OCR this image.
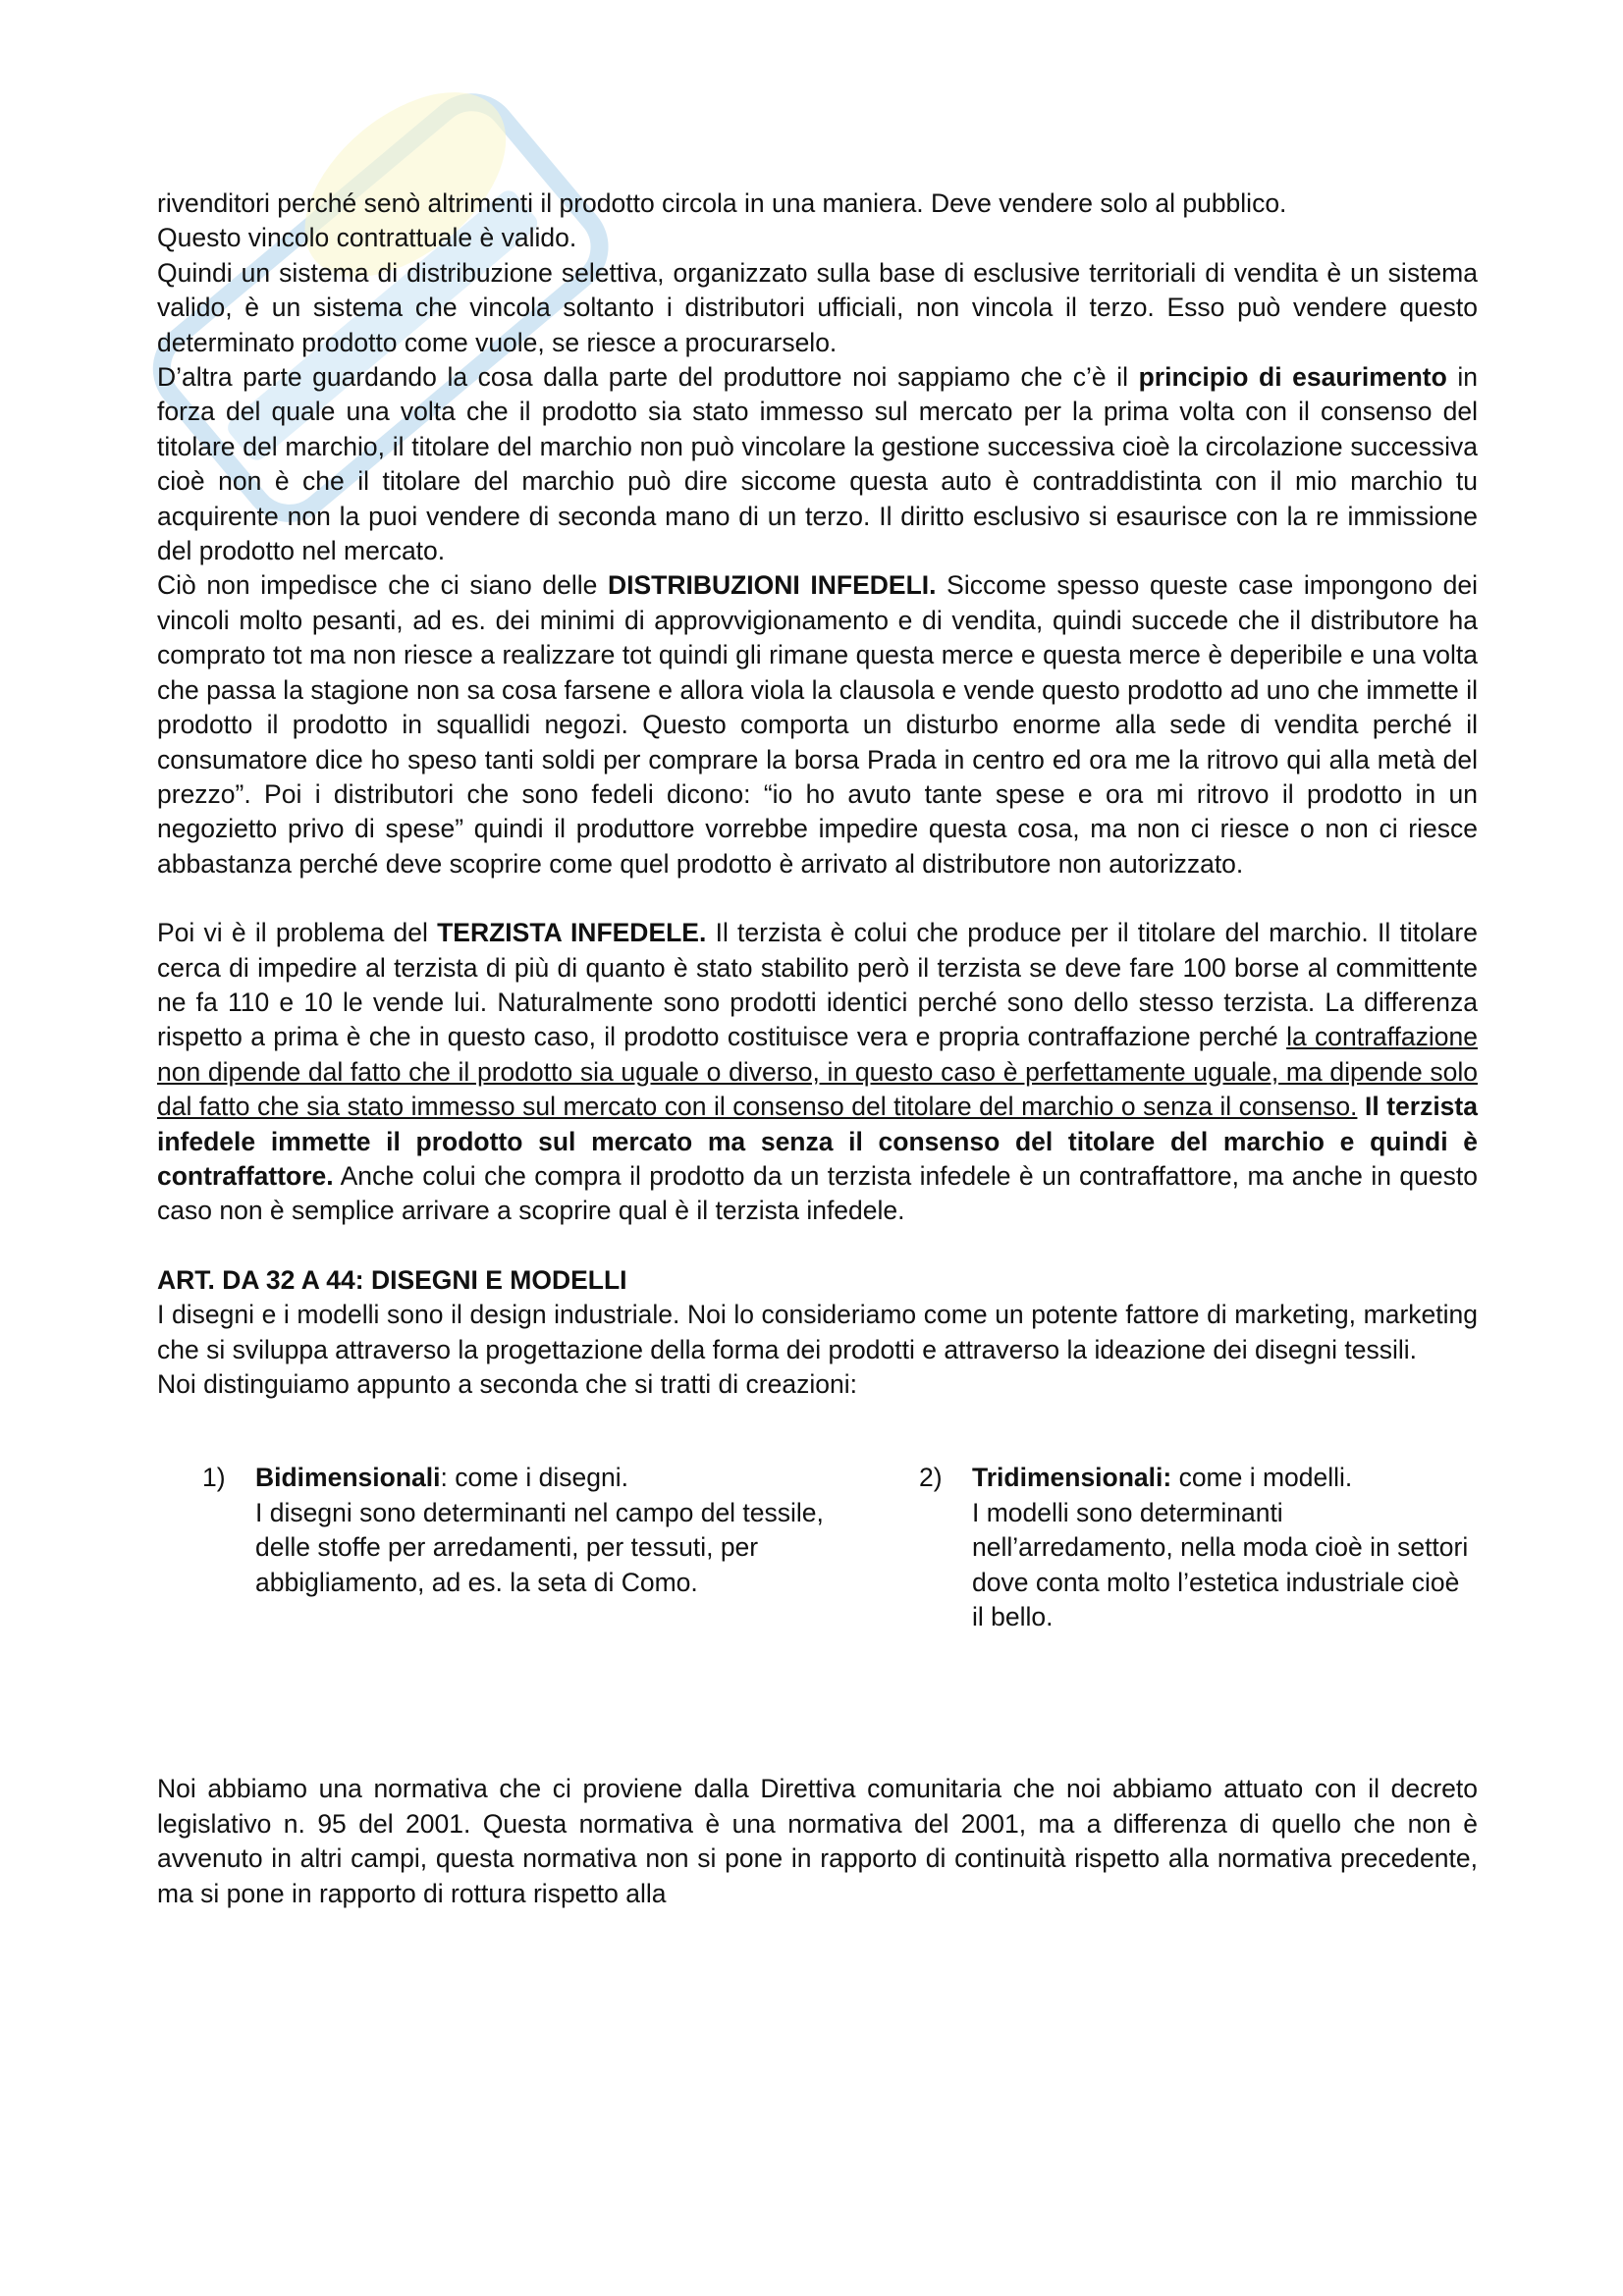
rivenditori perché senò altrimenti il prodotto circola in una maniera. Deve vendere solo al pubblico.

Questo vincolo contrattuale è valido.

Quindi un sistema di distribuzione selettiva, organizzato sulla base di esclusive territoriali di vendita è un sistema valido, è un sistema che vincola soltanto i distributori ufficiali, non vincola il terzo. Esso può vendere questo determinato prodotto come vuole, se riesce a procurarselo.

D’altra parte guardando la cosa dalla parte del produttore noi sappiamo che c’è il principio di esaurimento in forza del quale una volta che il prodotto sia stato immesso sul mercato per la prima volta con il consenso del titolare del marchio, il titolare del marchio non può vincolare la gestione successiva cioè la circolazione successiva cioè non è che il titolare del marchio può dire siccome questa auto è contraddistinta con il mio marchio tu acquirente non la puoi vendere di seconda mano di un terzo. Il diritto esclusivo si esaurisce con la re immissione del prodotto nel mercato.

Ciò non impedisce che ci siano delle DISTRIBUZIONI INFEDELI. Siccome spesso queste case impongono dei vincoli molto pesanti, ad es. dei minimi di approvvigionamento e di vendita, quindi succede che il distributore ha comprato tot ma non riesce a realizzare tot quindi gli rimane questa merce e questa merce è deperibile e una volta che passa la stagione non sa cosa farsene e allora viola la clausola e vende questo prodotto ad uno che immette il prodotto il prodotto in squallidi negozi. Questo comporta un disturbo enorme alla sede di vendita perché il consumatore dice ho speso tanti soldi per comprare la borsa Prada in centro ed ora me la ritrovo qui alla metà del prezzo”. Poi i distributori che sono fedeli dicono: “io ho avuto tante spese e ora mi ritrovo il prodotto in un negozietto privo di spese” quindi il produttore vorrebbe impedire questa cosa, ma non ci riesce o non ci riesce abbastanza perché deve scoprire come quel prodotto è arrivato al distributore non autorizzato.

Poi vi è il problema del TERZISTA INFEDELE. Il terzista è colui che produce per il titolare del marchio. Il titolare cerca di impedire al terzista di più di quanto è stato stabilito però il terzista se deve fare 100 borse al committente ne fa 110 e 10 le vende lui. Naturalmente sono prodotti identici perché sono dello stesso terzista. La differenza rispetto a prima è che in questo caso, il prodotto costituisce vera e propria contraffazione perché la contraffazione non dipende dal fatto che il prodotto sia uguale o diverso, in questo caso è perfettamente uguale, ma dipende solo dal fatto che sia stato immesso sul mercato con il consenso del titolare del marchio o senza il consenso. Il terzista infedele immette il prodotto sul mercato ma senza il consenso del titolare del marchio e quindi è contraffattore. Anche colui che compra il prodotto da un terzista infedele è un contraffattore, ma anche in questo caso non è semplice arrivare a scoprire qual è il terzista infedele.

ART. DA 32 A 44: DISEGNI E MODELLI

I disegni e i modelli sono il design industriale. Noi lo consideriamo come un potente fattore di marketing, marketing che si sviluppa attraverso la progettazione della forma dei prodotti e attraverso la ideazione dei disegni tessili.

Noi distinguiamo appunto a seconda che si tratti di creazioni:

1)	Bidimensionali: come i disegni.
I disegni sono determinanti nel campo del tessile, delle stoffe per arredamenti, per tessuti, per abbigliamento, ad es. la seta di Como.
2)	Tridimensionali: come i modelli.
I modelli sono determinanti nell’arredamento, nella moda cioè in settori dove conta molto l’estetica industriale cioè il bello.

Noi abbiamo una normativa che ci proviene dalla Direttiva comunitaria che noi abbiamo attuato con il decreto legislativo n. 95 del 2001. Questa normativa è una normativa del 2001, ma a differenza di quello che non è avvenuto in altri campi, questa normativa non si pone in rapporto di continuità rispetto alla normativa precedente, ma si pone in rapporto di rottura rispetto alla
